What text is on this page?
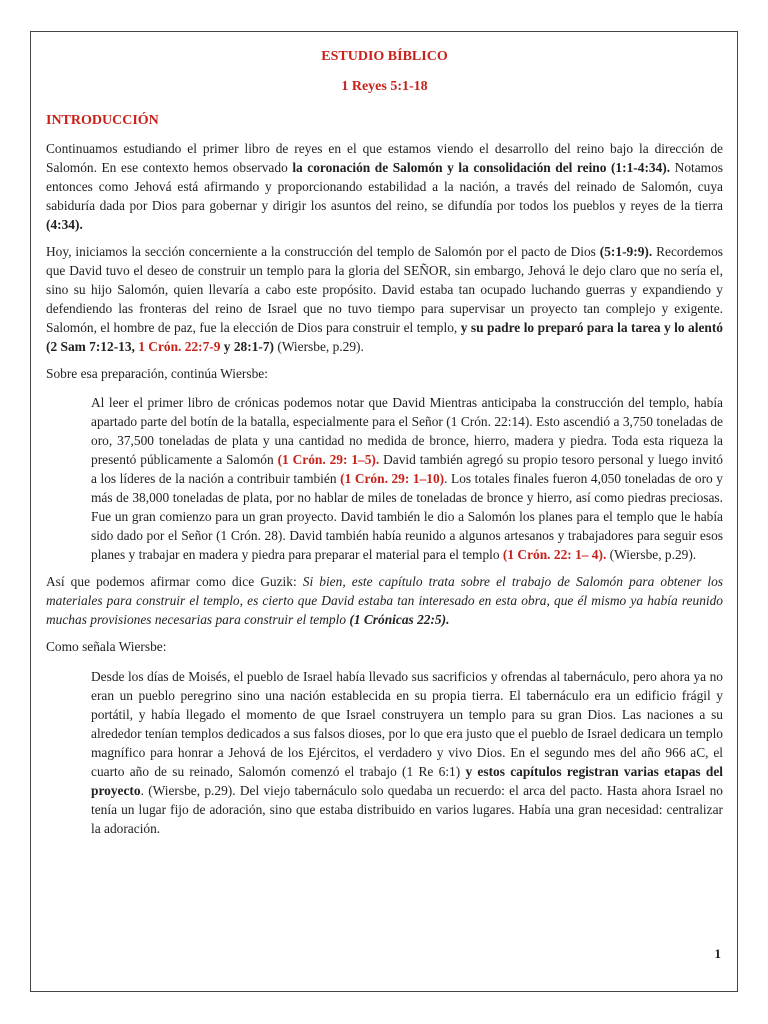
ESTUDIO BÍBLICO

1 Reyes 5:1-18

INTRODUCCIÓN

Continuamos estudiando el primer libro de reyes en el que estamos viendo el desarrollo del reino bajo la dirección de Salomón. En ese contexto hemos observado la coronación de Salomón y la consolidación del reino (1:1-4:34). Notamos entonces como Jehová está afirmando y proporcionando estabilidad a la nación, a través del reinado de Salomón, cuya sabiduría dada por Dios para gobernar y dirigir los asuntos del reino, se difundía por todos los pueblos y reyes de la tierra (4:34).

Hoy, iniciamos la sección concerniente a la construcción del templo de Salomón por el pacto de Dios (5:1-9:9). Recordemos que David tuvo el deseo de construir un templo para la gloria del SEÑOR, sin embargo, Jehová le dejo claro que no sería el, sino su hijo Salomón, quien llevaría a cabo este propósito. David estaba tan ocupado luchando guerras y expandiendo y defendiendo las fronteras del reino de Israel que no tuvo tiempo para supervisar un proyecto tan complejo y exigente. Salomón, el hombre de paz, fue la elección de Dios para construir el templo, y su padre lo preparó para la tarea y lo alentó (2 Sam 7:12-13, 1 Crón. 22:7-9 y 28:1-7) (Wiersbe, p.29).

Sobre esa preparación, continúa Wiersbe:

Al leer el primer libro de crónicas podemos notar que David Mientras anticipaba la construcción del templo, había apartado parte del botín de la batalla, especialmente para el Señor (1 Crón. 22:14). Esto ascendió a 3,750 toneladas de oro, 37,500 toneladas de plata y una cantidad no medida de bronce, hierro, madera y piedra. Toda esta riqueza la presentó públicamente a Salomón (1 Crón. 29: 1–5). David también agregó su propio tesoro personal y luego invitó a los líderes de la nación a contribuir también (1 Crón. 29: 1–10). Los totales finales fueron 4,050 toneladas de oro y más de 38,000 toneladas de plata, por no hablar de miles de toneladas de bronce y hierro, así como piedras preciosas. Fue un gran comienzo para un gran proyecto. David también le dio a Salomón los planes para el templo que le había sido dado por el Señor (1 Crón. 28). David también había reunido a algunos artesanos y trabajadores para seguir esos planes y trabajar en madera y piedra para preparar el material para el templo (1 Crón. 22: 1– 4). (Wiersbe, p.29).

Así que podemos afirmar como dice Guzik: Si bien, este capítulo trata sobre el trabajo de Salomón para obtener los materiales para construir el templo, es cierto que David estaba tan interesado en esta obra, que él mismo ya había reunido muchas provisiones necesarias para construir el templo (1 Crónicas 22:5).

Como señala Wiersbe:

Desde los días de Moisés, el pueblo de Israel había llevado sus sacrificios y ofrendas al tabernáculo, pero ahora ya no eran un pueblo peregrino sino una nación establecida en su propia tierra. El tabernáculo era un edificio frágil y portátil, y había llegado el momento de que Israel construyera un templo para su gran Dios. Las naciones a su alrededor tenían templos dedicados a sus falsos dioses, por lo que era justo que el pueblo de Israel dedicara un templo magnífico para honrar a Jehová de los Ejércitos, el verdadero y vivo Dios. En el segundo mes del año 966 aC, el cuarto año de su reinado, Salomón comenzó el trabajo (1 Re 6:1) y estos capítulos registran varias etapas del proyecto. (Wiersbe, p.29). Del viejo tabernáculo solo quedaba un recuerdo: el arca del pacto. Hasta ahora Israel no tenía un lugar fijo de adoración, sino que estaba distribuido en varios lugares. Había una gran necesidad: centralizar la adoración.

1
